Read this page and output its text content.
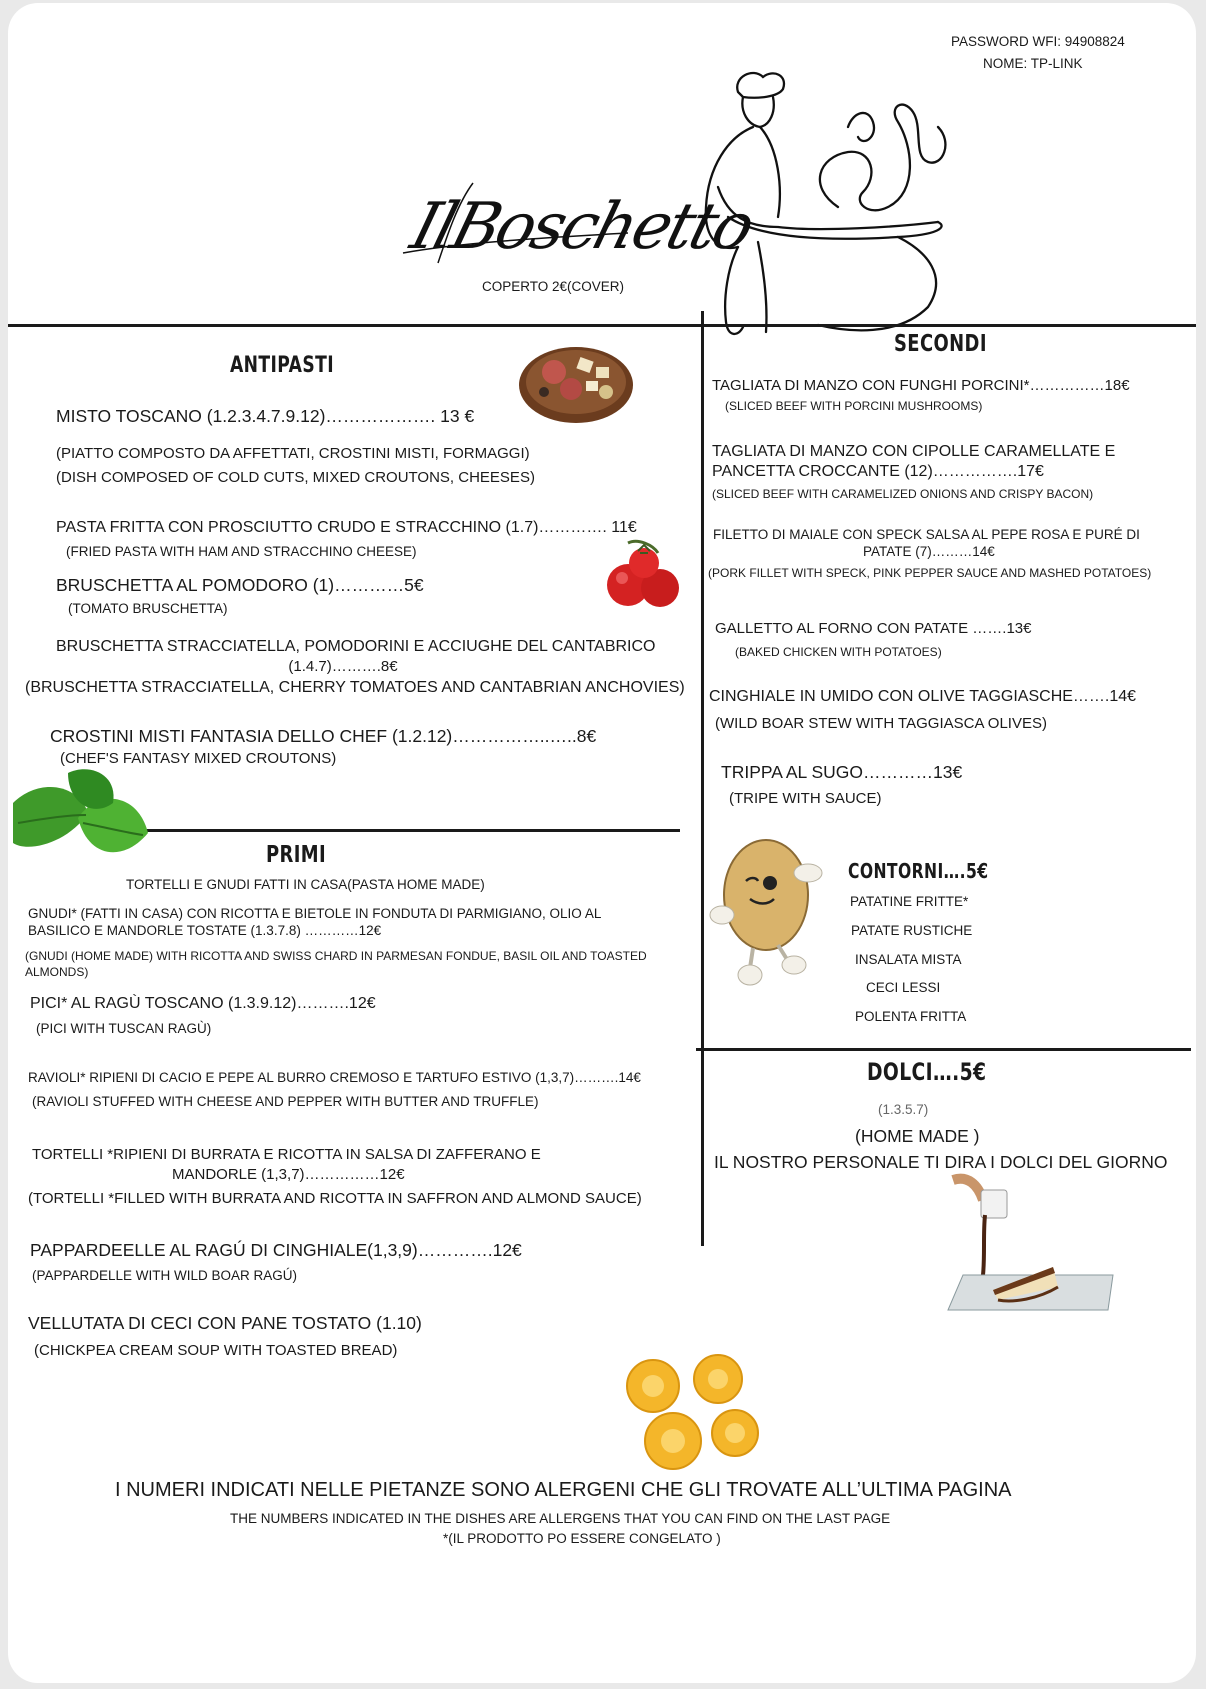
PASSWORD WFI: 94908824
NOME: TP-LINK
IlBoschetto
COPERTO 2€(COVER)
ANTIPASTI
MISTO TOSCANO (1.2.3.4.7.9.12)………………. 13 €
(PIATTO COMPOSTO DA AFFETTATI, CROSTINI MISTI, FORMAGGI)
(DISH COMPOSED OF COLD CUTS, MIXED CROUTONS, CHEESES)
PASTA FRITTA CON PROSCIUTTO CRUDO E STRACCHINO (1.7)…………. 11€
(FRIED PASTA WITH HAM AND STRACCHINO CHEESE)
BRUSCHETTA AL POMODORO (1)…………5€
(TOMATO BRUSCHETTA)
BRUSCHETTA STRACCIATELLA, POMODORINI E ACCIUGHE DEL CANTABRICO
(1.4.7)……….8€
(BRUSCHETTA STRACCIATELLA, CHERRY TOMATOES AND CANTABRIAN ANCHOVIES)
CROSTINI MISTI FANTASIA DELLO CHEF (1.2.12)……………..…..8€
(CHEF'S FANTASY MIXED CROUTONS)
PRIMI
TORTELLI E GNUDI FATTI IN CASA(PASTA HOME MADE)
GNUDI* (FATTI IN CASA) CON RICOTTA E BIETOLE IN FONDUTA DI PARMIGIANO, OLIO AL
BASILICO E MANDORLE TOSTATE (1.3.7.8) …………12€
(GNUDI (HOME MADE) WITH RICOTTA AND SWISS CHARD IN PARMESAN FONDUE, BASIL OIL AND TOASTED
ALMONDS)
PICI* AL RAGÙ TOSCANO (1.3.9.12)……….12€
(PICI WITH TUSCAN RAGÙ)
RAVIOLI* RIPIENI DI CACIO E PEPE AL BURRO CREMOSO E TARTUFO ESTIVO (1,3,7)……….14€
(RAVIOLI STUFFED WITH CHEESE AND PEPPER WITH BUTTER AND TRUFFLE)
TORTELLI *RIPIENI DI BURRATA E RICOTTA IN SALSA DI ZAFFERANO E
MANDORLE (1,3,7)……………12€
(TORTELLI *FILLED WITH BURRATA AND RICOTTA IN SAFFRON AND ALMOND SAUCE)
PAPPARDEELLE AL RAGÚ DI CINGHIALE(1,3,9)………….12€
(PAPPARDELLE WITH WILD BOAR RAGÚ)
VELLUTATA DI CECI CON PANE TOSTATO (1.10)
(CHICKPEA CREAM SOUP WITH TOASTED BREAD)
SECONDI
TAGLIATA DI MANZO CON FUNGHI PORCINI*……………18€
(SLICED BEEF WITH PORCINI MUSHROOMS)
TAGLIATA DI MANZO CON CIPOLLE CARAMELLATE E
PANCETTA CROCCANTE (12)…………….17€
(SLICED BEEF WITH CARAMELIZED ONIONS AND CRISPY BACON)
FILETTO DI MAIALE CON SPECK SALSA AL PEPE ROSA E PURÉ DI
PATATE (7)………14€
(PORK FILLET WITH SPECK, PINK PEPPER SAUCE AND MASHED POTATOES)
GALLETTO AL FORNO CON PATATE …….13€
(BAKED CHICKEN WITH POTATOES)
CINGHIALE IN UMIDO CON OLIVE TAGGIASCHE…….14€
(WILD BOAR STEW WITH TAGGIASCA OLIVES)
TRIPPA AL SUGO…………13€
(TRIPE WITH SAUCE)
CONTORNI….5€
PATATINE FRITTE*
PATATE RUSTICHE
INSALATA MISTA
CECI LESSI
POLENTA FRITTA
DOLCI….5€
(1.3.5.7)
(HOME MADE )
IL NOSTRO PERSONALE TI DIRA I DOLCI DEL GIORNO
I NUMERI INDICATI NELLE PIETANZE SONO ALERGENI CHE GLI TROVATE ALL’ULTIMA PAGINA
THE NUMBERS INDICATED IN THE DISHES ARE ALLERGENS THAT YOU CAN FIND ON THE LAST PAGE
*(IL PRODOTTO PO ESSERE CONGELATO )
